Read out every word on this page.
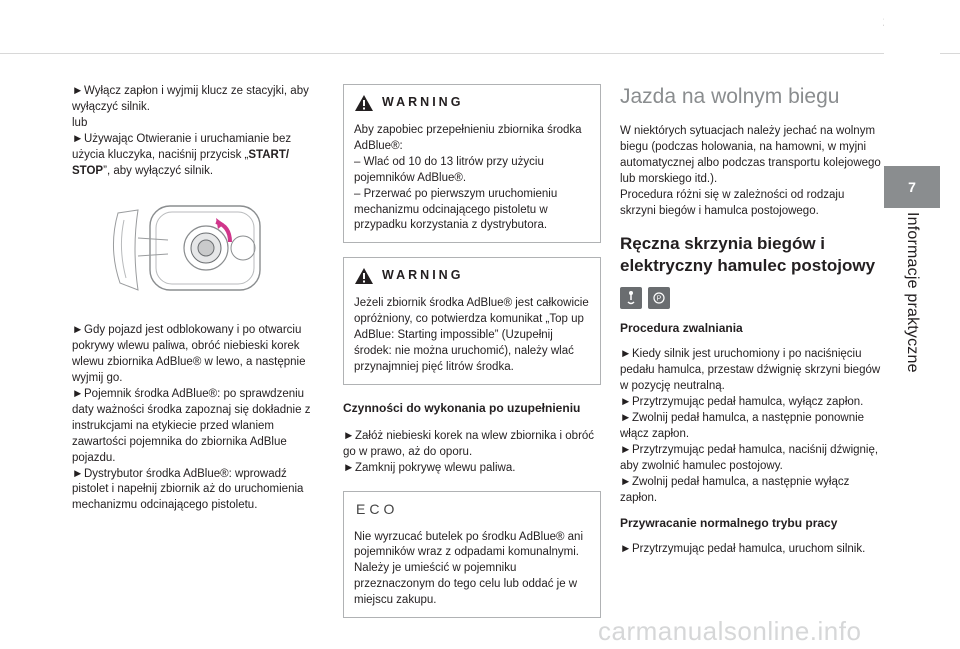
►Wyłącz zapłon i wyjmij klucz ze stacyjki, aby wyłączyć silnik.

lub

►Używając Otwieranie i uruchamianie bez użycia kluczyka, naciśnij przycisk „START/ STOP”, aby wyłączyć silnik.

►Gdy pojazd jest odblokowany i po otwarciu pokrywy wlewu paliwa, obróć niebieski korek wlewu zbiornika AdBlue® w lewo, a następnie wyjmij go.

►Pojemnik środka AdBlue®: po sprawdzeniu daty ważności środka zapoznaj się dokładnie z instrukcjami na etykiecie przed wlaniem zawartości pojemnika do zbiornika AdBlue pojazdu.

►Dystrybutor środka AdBlue®: wprowadź pistolet i napełnij zbiornik aż do uruchomienia mechanizmu odcinającego pistoletu.

WARNING

Aby zapobiec przepełnieniu zbiornika środka AdBlue®:

– Wlać od 10 do 13 litrów przy użyciu pojemników AdBlue®.

– Przerwać po pierwszym uruchomieniu mechanizmu odcinającego pistoletu w przypadku korzystania z dystrybutora.

WARNING

Jeżeli zbiornik środka AdBlue® jest całkowicie opróżniony, co potwierdza komunikat „Top up AdBlue: Starting impossible” (Uzupełnij środek: nie można uruchomić), należy wlać przynajmniej pięć litrów środka.

Czynności do wykonania po uzupełnieniu

►Załóż niebieski korek na wlew zbiornika i obróć go w prawo, aż do oporu.

►Zamknij pokrywę wlewu paliwa.

ECO

Nie wyrzucać butelek po środku AdBlue® ani pojemników wraz z odpadami komunalnymi. Należy je umieścić w pojemniku przeznaczonym do tego celu lub oddać je w miejscu zakupu.

Jazda na wolnym biegu

W niektórych sytuacjach należy jechać na wolnym biegu (podczas holowania, na hamowni, w myjni automatycznej albo podczas transportu kolejowego lub morskiego itd.).

Procedura różni się w zależności od rodzaju skrzyni biegów i hamulca postojowego.

Ręczna skrzynia biegów i elektryczny hamulec postojowy
P
Procedura zwalniania

►Kiedy silnik jest uruchomiony i po naciśnięciu pedału hamulca, przestaw dźwignię skrzyni biegów w pozycję neutralną.

►Przytrzymując pedał hamulca, wyłącz zapłon.

►Zwolnij pedał hamulca, a następnie ponownie włącz zapłon.

►Przytrzymując pedał hamulca, naciśnij dźwignię, aby zwolnić hamulec postojowy.

►Zwolnij pedał hamulca, a następnie wyłącz zapłon.

Przywracanie normalnego trybu pracy

►Przytrzymując pedał hamulca, uruchom silnik.

7
Informacje praktyczne
carmanualsonline.info
